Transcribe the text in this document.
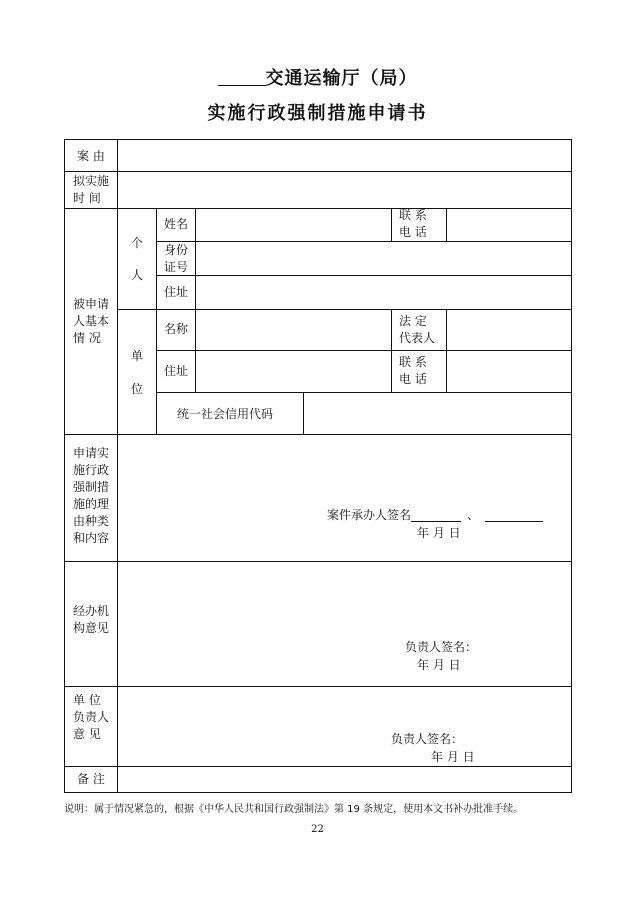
交通运输厅（局）
实施行政强制措施申请书
案 由
拟实施
时 间
被申请
人基本
情 况
个
人
姓名
联 系
电 话
身份
证号
住址
单
位
名称
法 定
代表人
住址
联 系
电 话
统一社会信用代码
申请实
施行政
强制措
施的理
由种类
和内容
案件承办人签名	、
年 月 日
经办机
构意见
负责人签名：
年 月 日
单 位
负责人
意 见	负责人签名：
年 月 日
备 注
说明：属于情况紧急的，根据《中华人民共和国行政强制法》第 19 条规定，使用本文书补办批准手续。
22
